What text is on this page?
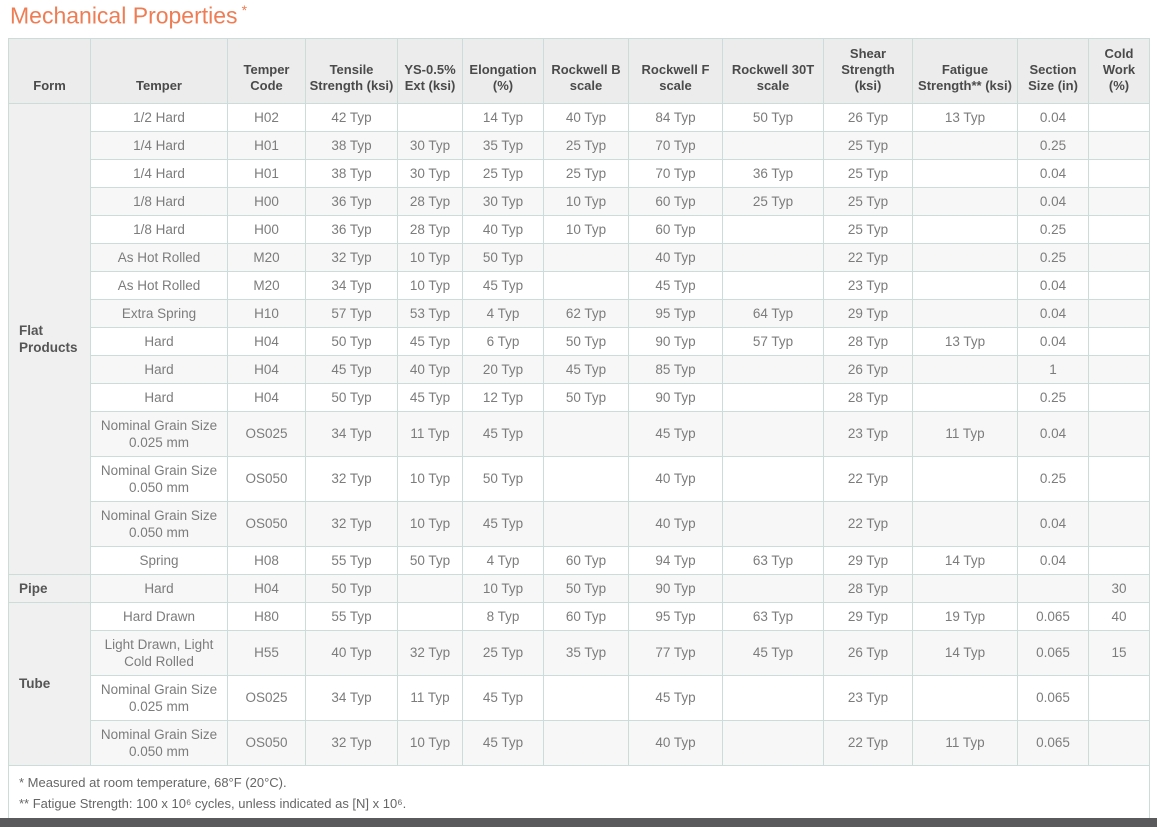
Mechanical Properties *
Form	Temper	Temper Code	Tensile Strength (ksi)	YS-0.5% Ext (ksi)	Elongation (%)	Rockwell B scale	Rockwell F scale	Rockwell 30T scale	Shear Strength (ksi)	Fatigue Strength** (ksi)	Section Size (in)	Cold Work (%)
Flat Products	1/2 Hard	H02	42 Typ		14 Typ	40 Typ	84 Typ	50 Typ	26 Typ	13 Typ	0.04	
	1/4 Hard	H01	38 Typ	30 Typ	35 Typ	25 Typ	70 Typ		25 Typ		0.25	
	1/4 Hard	H01	38 Typ	30 Typ	25 Typ	25 Typ	70 Typ	36 Typ	25 Typ		0.04	
	1/8 Hard	H00	36 Typ	28 Typ	30 Typ	10 Typ	60 Typ	25 Typ	25 Typ		0.04	
	1/8 Hard	H00	36 Typ	28 Typ	40 Typ	10 Typ	60 Typ		25 Typ		0.25	
	As Hot Rolled	M20	32 Typ	10 Typ	50 Typ		40 Typ		22 Typ		0.25	
	As Hot Rolled	M20	34 Typ	10 Typ	45 Typ		45 Typ		23 Typ		0.04	
	Extra Spring	H10	57 Typ	53 Typ	4 Typ	62 Typ	95 Typ	64 Typ	29 Typ		0.04	
	Hard	H04	50 Typ	45 Typ	6 Typ	50 Typ	90 Typ	57 Typ	28 Typ	13 Typ	0.04	
	Hard	H04	45 Typ	40 Typ	20 Typ	45 Typ	85 Typ		26 Typ		1	
	Hard	H04	50 Typ	45 Typ	12 Typ	50 Typ	90 Typ		28 Typ		0.25	
	Nominal Grain Size 0.025 mm	OS025	34 Typ	11 Typ	45 Typ		45 Typ		23 Typ	11 Typ	0.04	
	Nominal Grain Size 0.050 mm	OS050	32 Typ	10 Typ	50 Typ		40 Typ		22 Typ		0.25	
	Nominal Grain Size 0.050 mm	OS050	32 Typ	10 Typ	45 Typ		40 Typ		22 Typ		0.04	
	Spring	H08	55 Typ	50 Typ	4 Typ	60 Typ	94 Typ	63 Typ	29 Typ	14 Typ	0.04	
Pipe	Hard	H04	50 Typ		10 Typ	50 Typ	90 Typ		28 Typ			30
Tube	Hard Drawn	H80	55 Typ		8 Typ	60 Typ	95 Typ	63 Typ	29 Typ	19 Typ	0.065	40
	Light Drawn, Light Cold Rolled	H55	40 Typ	32 Typ	25 Typ	35 Typ	77 Typ	45 Typ	26 Typ	14 Typ	0.065	15
	Nominal Grain Size 0.025 mm	OS025	34 Typ	11 Typ	45 Typ		45 Typ		23 Typ		0.065	
	Nominal Grain Size 0.050 mm	OS050	32 Typ	10 Typ	45 Typ		40 Typ		22 Typ	11 Typ	0.065	

* Measured at room temperature, 68°F (20°C).
** Fatigue Strength: 100 x 10⁶ cycles, unless indicated as [N] x 10⁶.												
